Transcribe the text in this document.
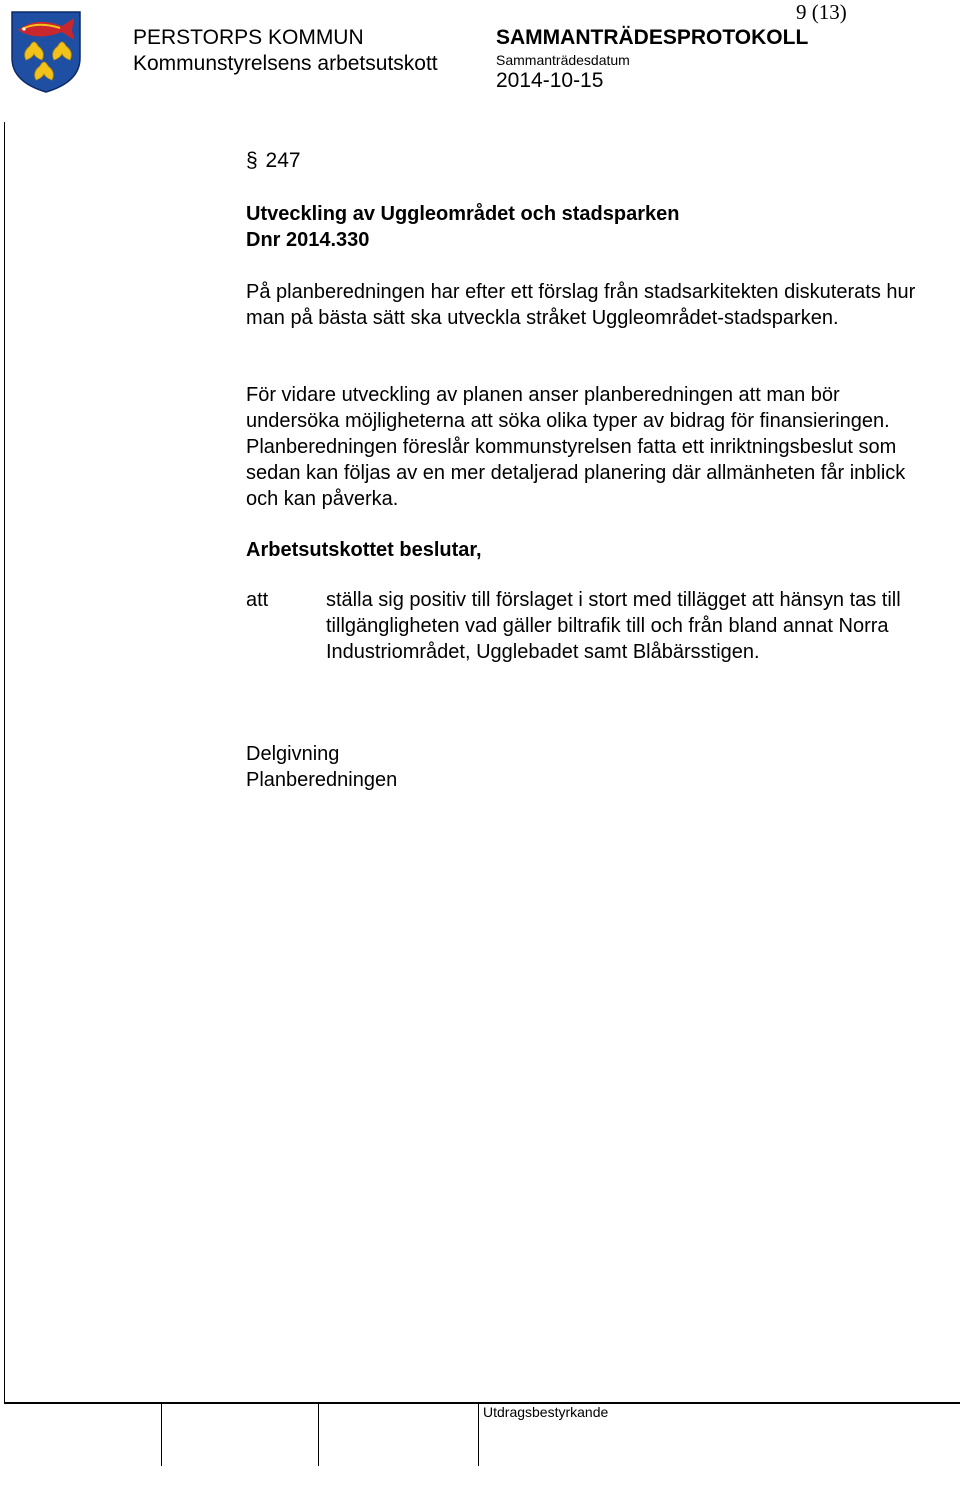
9 (13)
PERSTORPS KOMMUN
Kommunstyrelsens arbetsutskott
SAMMANTRÄDESPROTOKOLL
Sammanträdesdatum
2014-10-15
§ 247
Utveckling av Uggleområdet och stadsparken
Dnr 2014.330
På planberedningen har efter ett förslag från stadsarkitekten diskuterats hur man på bästa sätt ska utveckla stråket Uggleområdet-stadsparken.
För vidare utveckling av planen anser planberedningen att man bör undersöka möjligheterna att söka olika typer av bidrag för finansieringen. Planberedningen föreslår kommunstyrelsen fatta ett inriktningsbeslut som sedan kan följas av en mer detaljerad planering där allmänheten får inblick och kan påverka.
Arbetsutskottet beslutar,
att	ställa sig positiv till förslaget i stort med tillägget att hänsyn tas till tillgängligheten vad gäller biltrafik till och från bland annat Norra Industriområdet, Ugglebadet samt Blåbärsstigen.
Delgivning
Planberedningen
Utdragsbestyrkande
